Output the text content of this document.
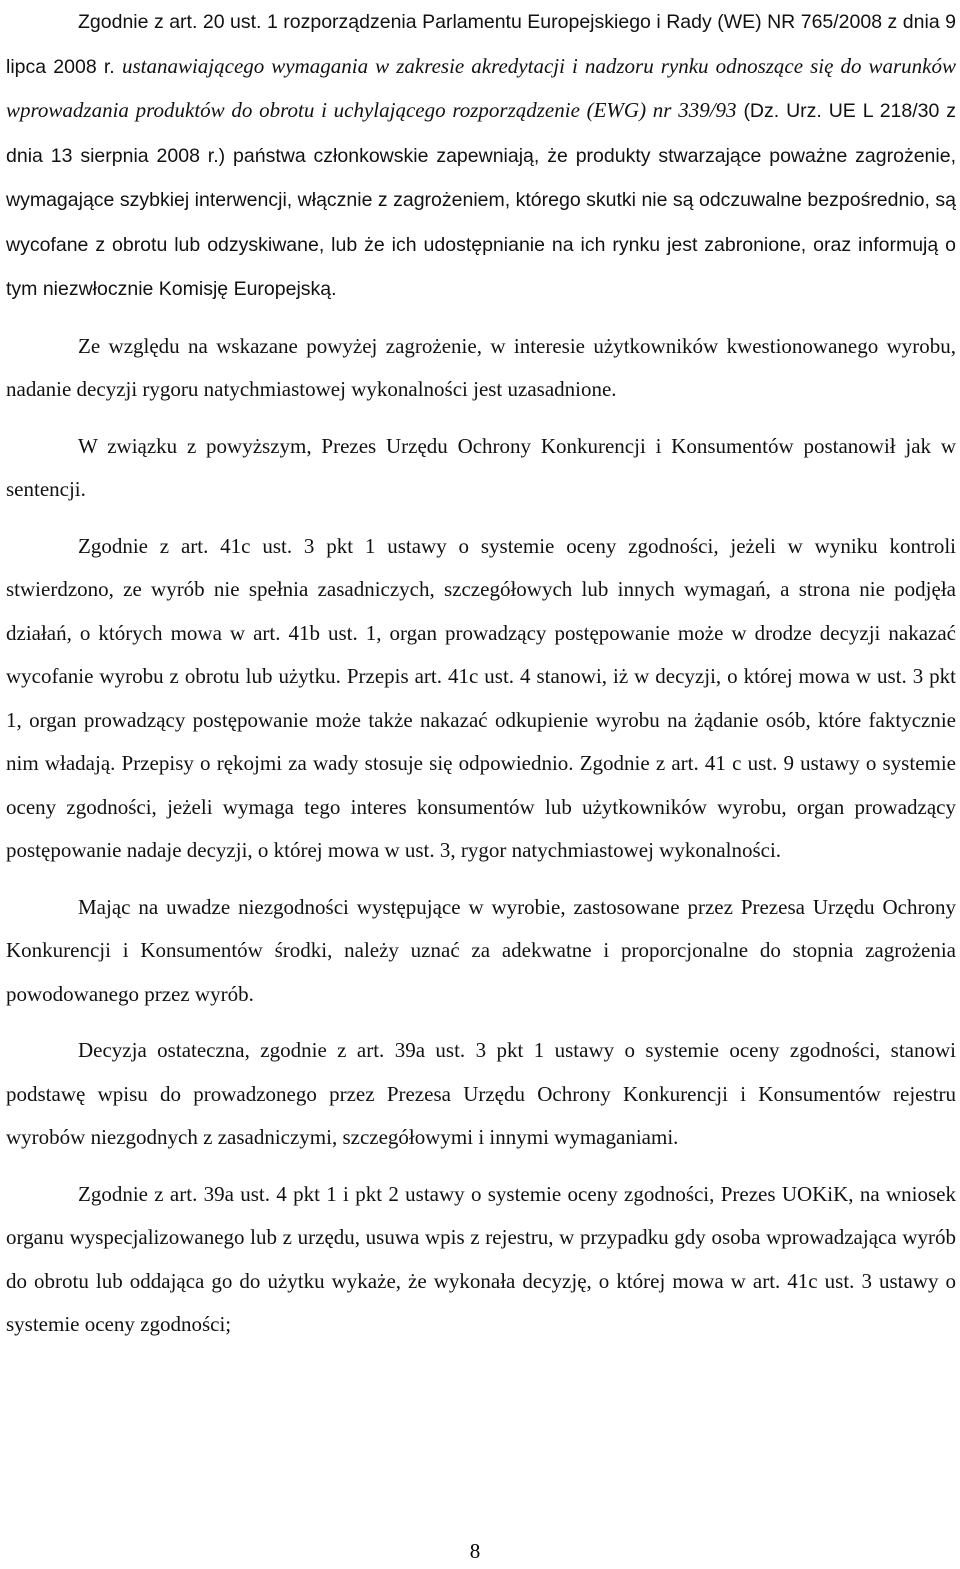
Zgodnie z art. 20 ust. 1 rozporządzenia Parlamentu Europejskiego i Rady (WE) NR 765/2008 z dnia 9 lipca 2008 r. ustanawiającego wymagania w zakresie akredytacji i nadzoru rynku odnoszące się do warunków wprowadzania produktów do obrotu i uchylającego rozporządzenie (EWG) nr 339/93 (Dz. Urz. UE L 218/30 z dnia 13 sierpnia 2008 r.) państwa członkowskie zapewniają, że produkty stwarzające poważne zagrożenie, wymagające szybkiej interwencji, włącznie z zagrożeniem, którego skutki nie są odczuwalne bezpośrednio, są wycofane z obrotu lub odzyskiwane, lub że ich udostępnianie na ich rynku jest zabronione, oraz informują o tym niezwłocznie Komisję Europejską.

Ze względu na wskazane powyżej zagrożenie, w interesie użytkowników kwestionowanego wyrobu, nadanie decyzji rygoru natychmiastowej wykonalności jest uzasadnione.

W związku z powyższym, Prezes Urzędu Ochrony Konkurencji i Konsumentów postanowił jak w sentencji.

Zgodnie z art. 41c ust. 3 pkt 1 ustawy o systemie oceny zgodności, jeżeli w wyniku kontroli stwierdzono, ze wyrób nie spełnia zasadniczych, szczegółowych lub innych wymagań, a strona nie podjęła działań, o których mowa w art. 41b ust. 1, organ prowadzący postępowanie może w drodze decyzji nakazać wycofanie wyrobu z obrotu lub użytku. Przepis art. 41c ust. 4 stanowi, iż w decyzji, o której mowa w ust. 3 pkt 1, organ prowadzący postępowanie może także nakazać odkupienie wyrobu na żądanie osób, które faktycznie nim władają. Przepisy o rękojmi za wady stosuje się odpowiednio. Zgodnie z art. 41 c ust. 9 ustawy o systemie oceny zgodności, jeżeli wymaga tego interes konsumentów lub użytkowników wyrobu, organ prowadzący postępowanie nadaje decyzji, o której mowa w ust. 3, rygor natychmiastowej wykonalności.

Mając na uwadze niezgodności występujące w wyrobie, zastosowane przez Prezesa Urzędu Ochrony Konkurencji i Konsumentów środki, należy uznać za adekwatne i proporcjonalne do stopnia zagrożenia powodowanego przez wyrób.

Decyzja ostateczna, zgodnie z art. 39a ust. 3 pkt 1 ustawy o systemie oceny zgodności, stanowi podstawę wpisu do prowadzonego przez Prezesa Urzędu Ochrony Konkurencji i Konsumentów rejestru wyrobów niezgodnych z zasadniczymi, szczegółowymi i innymi wymaganiami.

Zgodnie z art. 39a ust. 4 pkt 1 i pkt 2 ustawy o systemie oceny zgodności, Prezes UOKiK, na wniosek organu wyspecjalizowanego lub z urzędu, usuwa wpis z rejestru, w przypadku gdy osoba wprowadzająca wyrób do obrotu lub oddająca go do użytku wykaże, że wykonała decyzję, o której mowa w art. 41c ust. 3 ustawy o systemie oceny zgodności;

8
